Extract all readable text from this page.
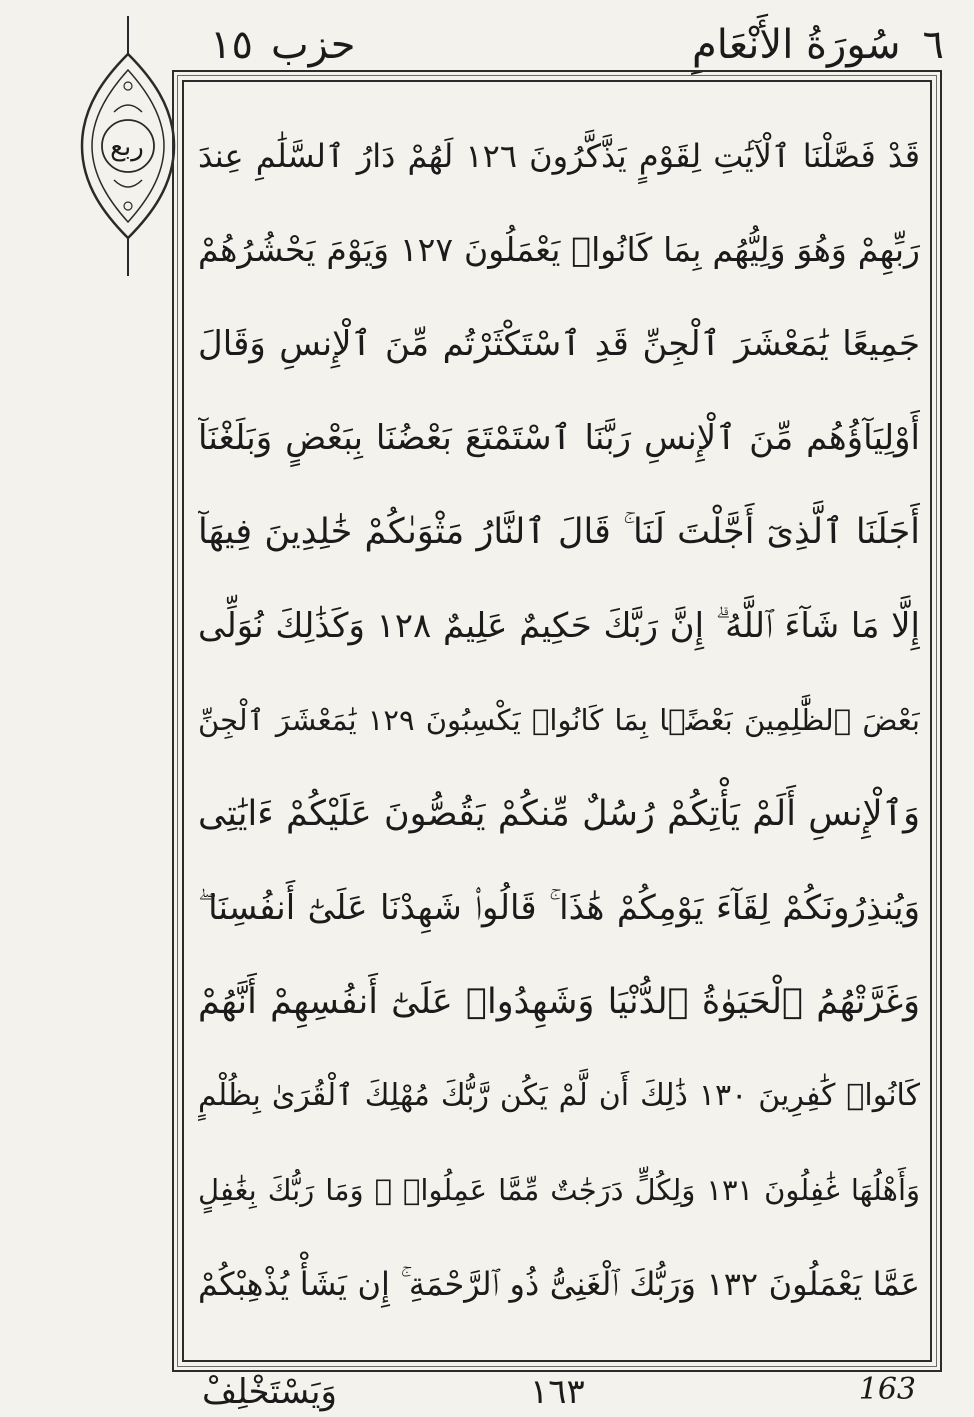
حزب١٥	٦سُورَةُ الأَنْعَامِ
ربع قَدْ فَصَّلْنَا ٱلْآيَٰتِ لِقَوْمٍ يَذَّكَّرُونَ ١٢٦ لَهُمْ دَارُ ٱلسَّلَٰمِ عِندَ
رَبِّهِمْ وَهُوَ وَلِيُّهُم بِمَا كَانُوا۟ يَعْمَلُونَ ١٢٧ وَيَوْمَ يَحْشُرُهُمْ
جَمِيعًا يَٰمَعْشَرَ ٱلْجِنِّ قَدِ ٱسْتَكْثَرْتُم مِّنَ ٱلْإِنسِ وَقَالَ
أَوْلِيَآؤُهُم مِّنَ ٱلْإِنسِ رَبَّنَا ٱسْتَمْتَعَ بَعْضُنَا بِبَعْضٍ وَبَلَغْنَآ
أَجَلَنَا ٱلَّذِىٓ أَجَّلْتَ لَنَا ۚ قَالَ ٱلنَّارُ مَثْوَىٰكُمْ خَٰلِدِينَ فِيهَآ
إِلَّا مَا شَآءَ ٱللَّهُ ۗ إِنَّ رَبَّكَ حَكِيمٌ عَلِيمٌ ١٢٨ وَكَذَٰلِكَ نُوَلِّى
بَعْضَ ٱلظَّٰلِمِينَ بَعْضًۢا بِمَا كَانُوا۟ يَكْسِبُونَ ١٢٩ يَٰمَعْشَرَ ٱلْجِنِّ
وَٱلْإِنسِ أَلَمْ يَأْتِكُمْ رُسُلٌ مِّنكُمْ يَقُصُّونَ عَلَيْكُمْ ءَايَٰتِى
وَيُنذِرُونَكُمْ لِقَآءَ يَوْمِكُمْ هَٰذَا ۚ قَالُوا۟ شَهِدْنَا عَلَىٰٓ أَنفُسِنَا ۖ
وَغَرَّتْهُمُ ٱلْحَيَوٰةُ ٱلدُّنْيَا وَشَهِدُوا۟ عَلَىٰٓ أَنفُسِهِمْ أَنَّهُمْ
كَانُوا۟ كَٰفِرِينَ ١٣٠ ذَٰلِكَ أَن لَّمْ يَكُن رَّبُّكَ مُهْلِكَ ٱلْقُرَىٰ بِظُلْمٍ
وَأَهْلُهَا غَٰفِلُونَ ١٣١ وَلِكُلٍّ دَرَجَٰتٌ مِّمَّا عَمِلُوا۟ ۚ وَمَا رَبُّكَ بِغَٰفِلٍ
عَمَّا يَعْمَلُونَ ١٣٢ وَرَبُّكَ ٱلْغَنِىُّ ذُو ٱلرَّحْمَةِ ۚ إِن يَشَأْ يُذْهِبْكُمْ
وَيَسْتَخْلِفْ	١٦٣	163
